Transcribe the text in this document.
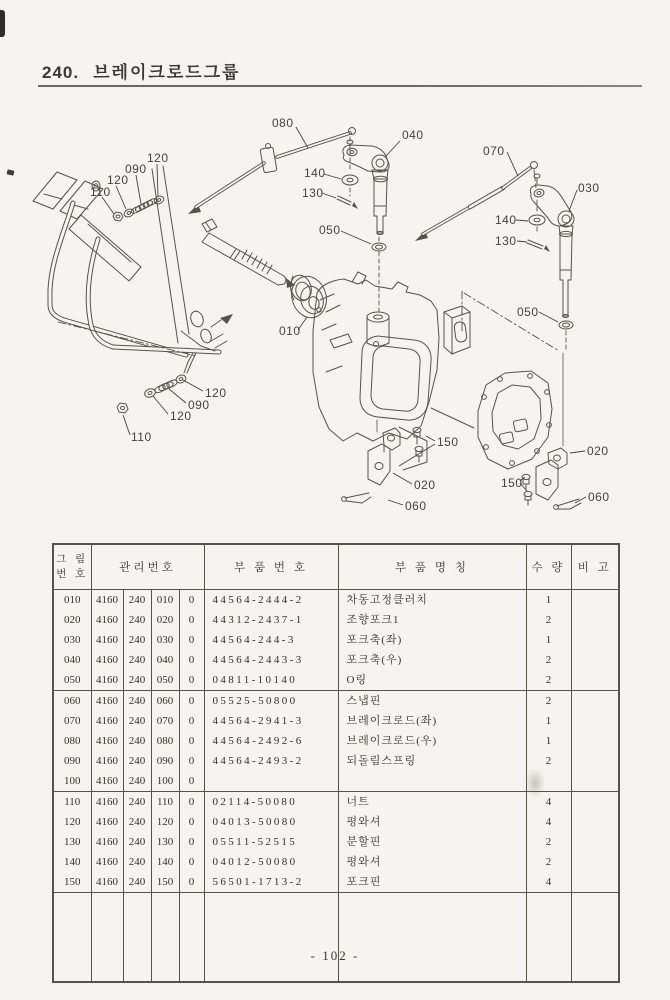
240. 브레이크로드그룹
080
040
140
130
050
070
030
140
130
050
110
120
090
120
120
090
120
110
010
150
020
060
020
150
060
그 림
번 호	관리번호				부 품 번 호	부 품 명 칭	수 량	비 고
010	4160	240	010	0	44564-2444-2	차동고정클러치	1	
020	4160	240	020	0	44312-2437-1	조향포크1	2	
030	4160	240	030	0	44564-244-3	포크축(좌)	1	
040	4160	240	040	0	44564-2443-3	포크축(우)	2	
050	4160	240	050	0	04811-10140	O링	2	
060	4160	240	060	0	05525-50800	스냅핀	2	
070	4160	240	070	0	44564-2941-3	브레이크로드(좌)	1	
080	4160	240	080	0	44564-2492-6	브레이크로드(우)	1	
090	4160	240	090	0	44564-2493-2	되돌림스프링	2	
100	4160	240	100	0				
110	4160	240	110	0	02114-50080	너트	4	
120	4160	240	120	0	04013-50080	평와셔	4	
130	4160	240	130	0	05511-52515	분할핀	2	
140	4160	240	140	0	04012-50080	평와셔	2	
150	4160	240	150	0	56501-1713-2	포크핀	4	

- 102 -
